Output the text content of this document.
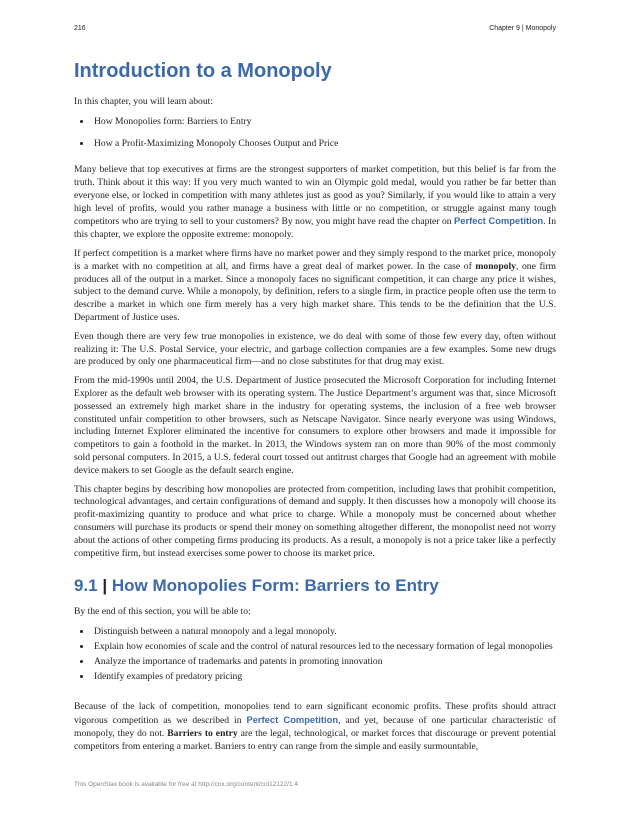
216	Chapter 9 | Monopoly
Introduction to a Monopoly

In this chapter, you will learn about:

• How Monopolies form: Barriers to Entry
• How a Profit-Maximizing Monopoly Chooses Output and Price

Many believe that top executives at firms are the strongest supporters of market competition, but this belief is far from the truth. Think about it this way: If you very much wanted to win an Olympic gold medal, would you rather be far better than everyone else, or locked in competition with many athletes just as good as you? Similarly, if you would like to attain a very high level of profits, would you rather manage a business with little or no competition, or struggle against many tough competitors who are trying to sell to your customers? By now, you might have read the chapter on Perfect Competition. In this chapter, we explore the opposite extreme: monopoly.

If perfect competition is a market where firms have no market power and they simply respond to the market price, monopoly is a market with no competition at all, and firms have a great deal of market power. In the case of monopoly, one firm produces all of the output in a market. Since a monopoly faces no significant competition, it can charge any price it wishes, subject to the demand curve. While a monopoly, by definition, refers to a single firm, in practice people often use the term to describe a market in which one firm merely has a very high market share. This tends to be the definition that the U.S. Department of Justice uses.

Even though there are very few true monopolies in existence, we do deal with some of those few every day, often without realizing it: The U.S. Postal Service, your electric, and garbage collection companies are a few examples. Some new drugs are produced by only one pharmaceutical firm—and no close substitutes for that drug may exist.

From the mid-1990s until 2004, the U.S. Department of Justice prosecuted the Microsoft Corporation for including Internet Explorer as the default web browser with its operating system. The Justice Department’s argument was that, since Microsoft possessed an extremely high market share in the industry for operating systems, the inclusion of a free web browser constituted unfair competition to other browsers, such as Netscape Navigator. Since nearly everyone was using Windows, including Internet Explorer eliminated the incentive for consumers to explore other browsers and made it impossible for competitors to gain a foothold in the market. In 2013, the Windows system ran on more than 90% of the most commonly sold personal computers. In 2015, a U.S. federal court tossed out antitrust charges that Google had an agreement with mobile device makers to set Google as the default search engine.

This chapter begins by describing how monopolies are protected from competition, including laws that prohibit competition, technological advantages, and certain configurations of demand and supply. It then discusses how a monopoly will choose its profit-maximizing quantity to produce and what price to charge. While a monopoly must be concerned about whether consumers will purchase its products or spend their money on something altogether different, the monopolist need not worry about the actions of other competing firms producing its products. As a result, a monopoly is not a price taker like a perfectly competitive firm, but instead exercises some power to choose its market price.

9.1 | How Monopolies Form: Barriers to Entry

By the end of this section, you will be able to:

• Distinguish between a natural monopoly and a legal monopoly.
• Explain how economies of scale and the control of natural resources led to the necessary formation of legal monopolies
• Analyze the importance of trademarks and patents in promoting innovation
• Identify examples of predatory pricing

Because of the lack of competition, monopolies tend to earn significant economic profits. These profits should attract vigorous competition as we described in Perfect Competition, and yet, because of one particular characteristic of monopoly, they do not. Barriers to entry are the legal, technological, or market forces that discourage or prevent potential competitors from entering a market. Barriers to entry can range from the simple and easily surmountable,

This OpenStax book is available for free at http://cnx.org/content/col12122/1.4
